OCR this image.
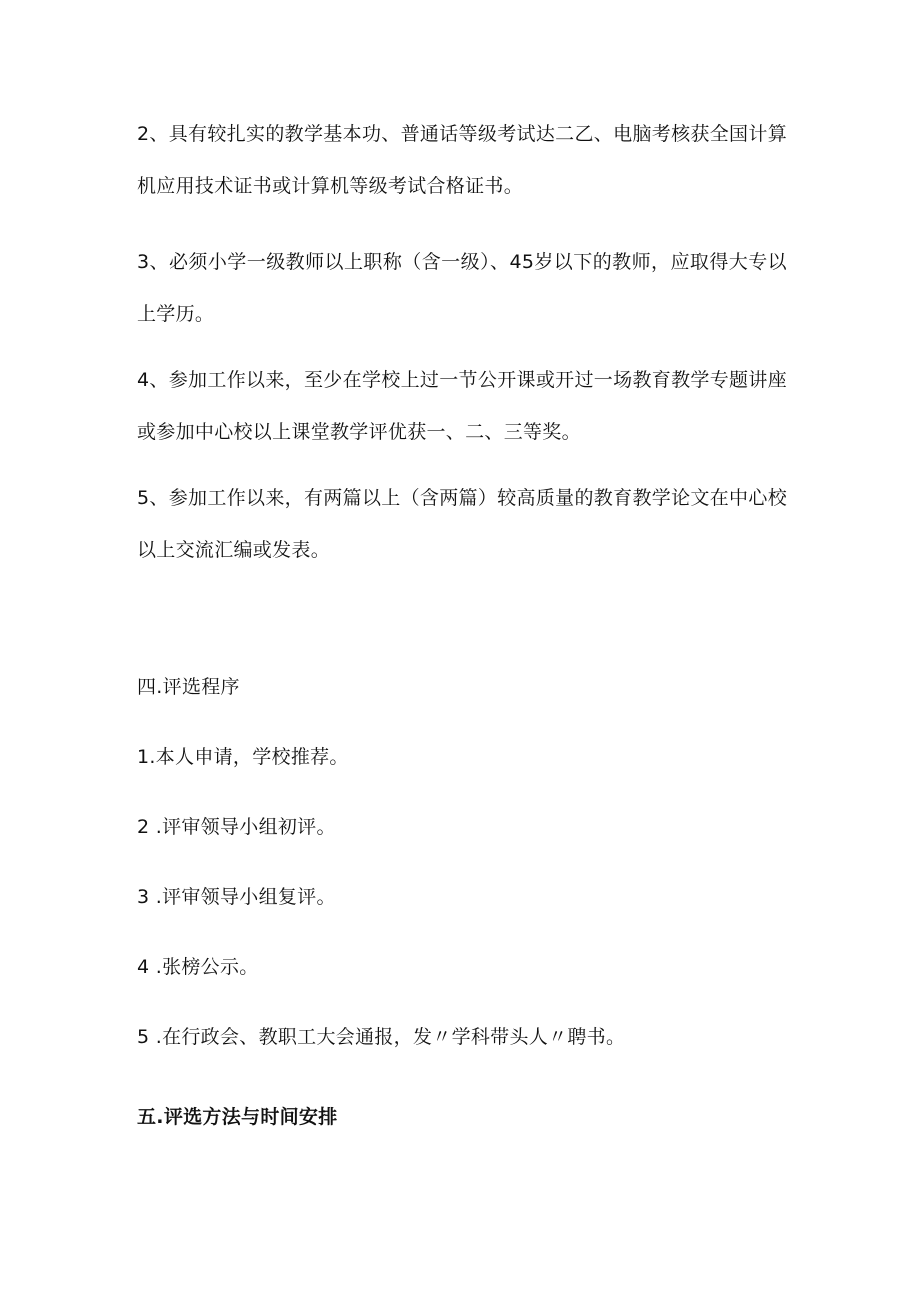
2、具有较扎实的教学基本功、普通话等级考试达二乙、电脑考核获全国计算机应用技术证书或计算机等级考试合格证书。

3、必须小学一级教师以上职称（含一级）、45岁以下的教师，应取得大专以上学历。

4、参加工作以来，至少在学校上过一节公开课或开过一场教育教学专题讲座或参加中心校以上课堂教学评优获一、二、三等奖。

5、参加工作以来，有两篇以上（含两篇）较高质量的教育教学论文在中心校以上交流汇编或发表。

四.评选程序

1.本人申请，学校推荐。

2 .评审领导小组初评。

3 .评审领导小组复评。

4 .张榜公示。

5 .在行政会、教职工大会通报，发〃学科带头人〃聘书。

五.评选方法与时间安排
